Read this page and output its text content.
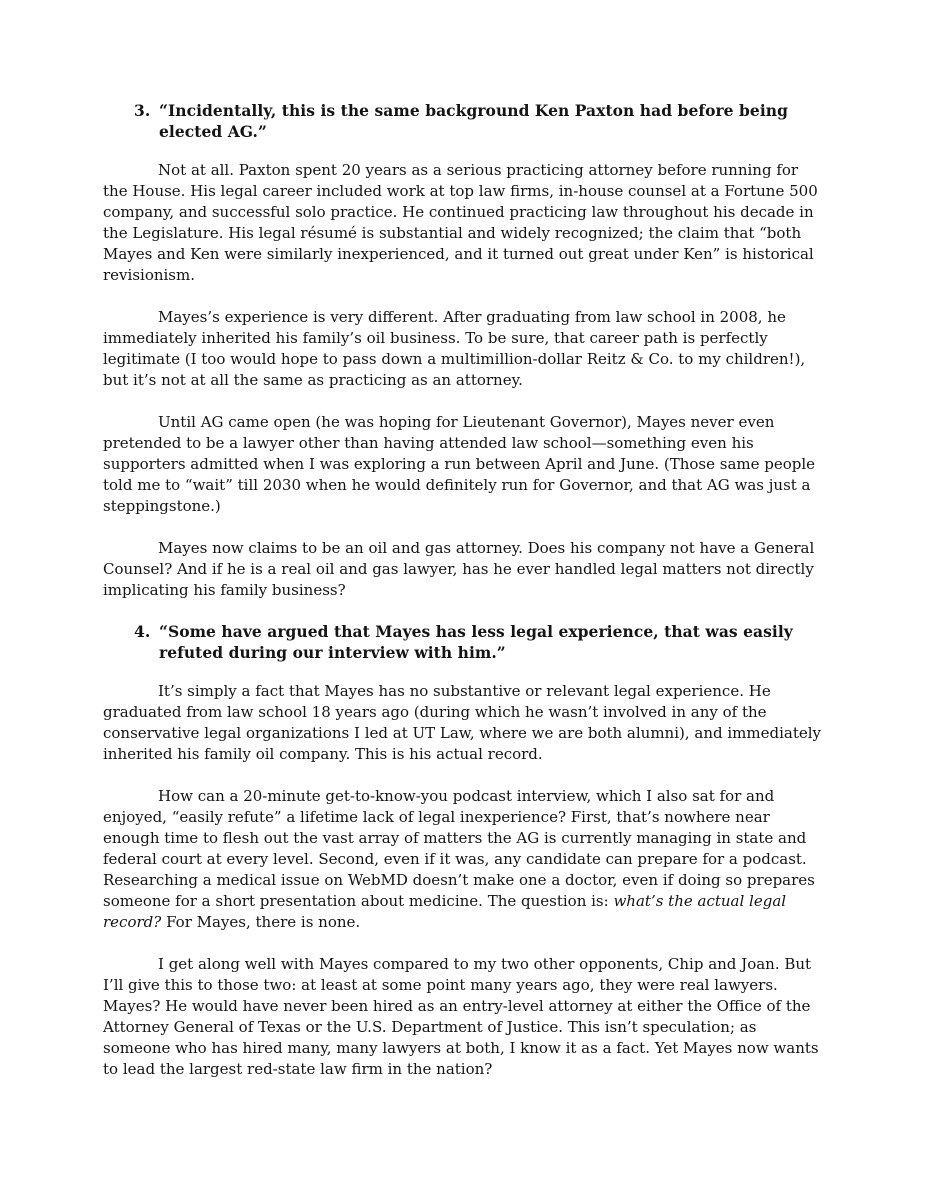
3. “Incidentally, this is the same background Ken Paxton had before being elected AG.”

Not at all. Paxton spent 20 years as a serious practicing attorney before running for the House. His legal career included work at top law firms, in-house counsel at a Fortune 500 company, and successful solo practice. He continued practicing law throughout his decade in the Legislature. His legal résumé is substantial and widely recognized; the claim that “both Mayes and Ken were similarly inexperienced, and it turned out great under Ken” is historical revisionism.

Mayes’s experience is very different. After graduating from law school in 2008, he immediately inherited his family’s oil business. To be sure, that career path is perfectly legitimate (I too would hope to pass down a multimillion-dollar Reitz & Co. to my children!), but it’s not at all the same as practicing as an attorney.

Until AG came open (he was hoping for Lieutenant Governor), Mayes never even pretended to be a lawyer other than having attended law school—something even his supporters admitted when I was exploring a run between April and June. (Those same people told me to “wait” till 2030 when he would definitely run for Governor, and that AG was just a steppingstone.)

Mayes now claims to be an oil and gas attorney. Does his company not have a General Counsel? And if he is a real oil and gas lawyer, has he ever handled legal matters not directly implicating his family business?

4. “Some have argued that Mayes has less legal experience, that was easily refuted during our interview with him.”

It’s simply a fact that Mayes has no substantive or relevant legal experience. He graduated from law school 18 years ago (during which he wasn’t involved in any of the conservative legal organizations I led at UT Law, where we are both alumni), and immediately inherited his family oil company. This is his actual record.

How can a 20-minute get-to-know-you podcast interview, which I also sat for and enjoyed, “easily refute” a lifetime lack of legal inexperience? First, that’s nowhere near enough time to flesh out the vast array of matters the AG is currently managing in state and federal court at every level. Second, even if it was, any candidate can prepare for a podcast. Researching a medical issue on WebMD doesn’t make one a doctor, even if doing so prepares someone for a short presentation about medicine. The question is: what’s the actual legal record? For Mayes, there is none.

I get along well with Mayes compared to my two other opponents, Chip and Joan. But I’ll give this to those two: at least at some point many years ago, they were real lawyers. Mayes? He would have never been hired as an entry-level attorney at either the Office of the Attorney General of Texas or the U.S. Department of Justice. This isn’t speculation; as someone who has hired many, many lawyers at both, I know it as a fact. Yet Mayes now wants to lead the largest red-state law firm in the nation?
